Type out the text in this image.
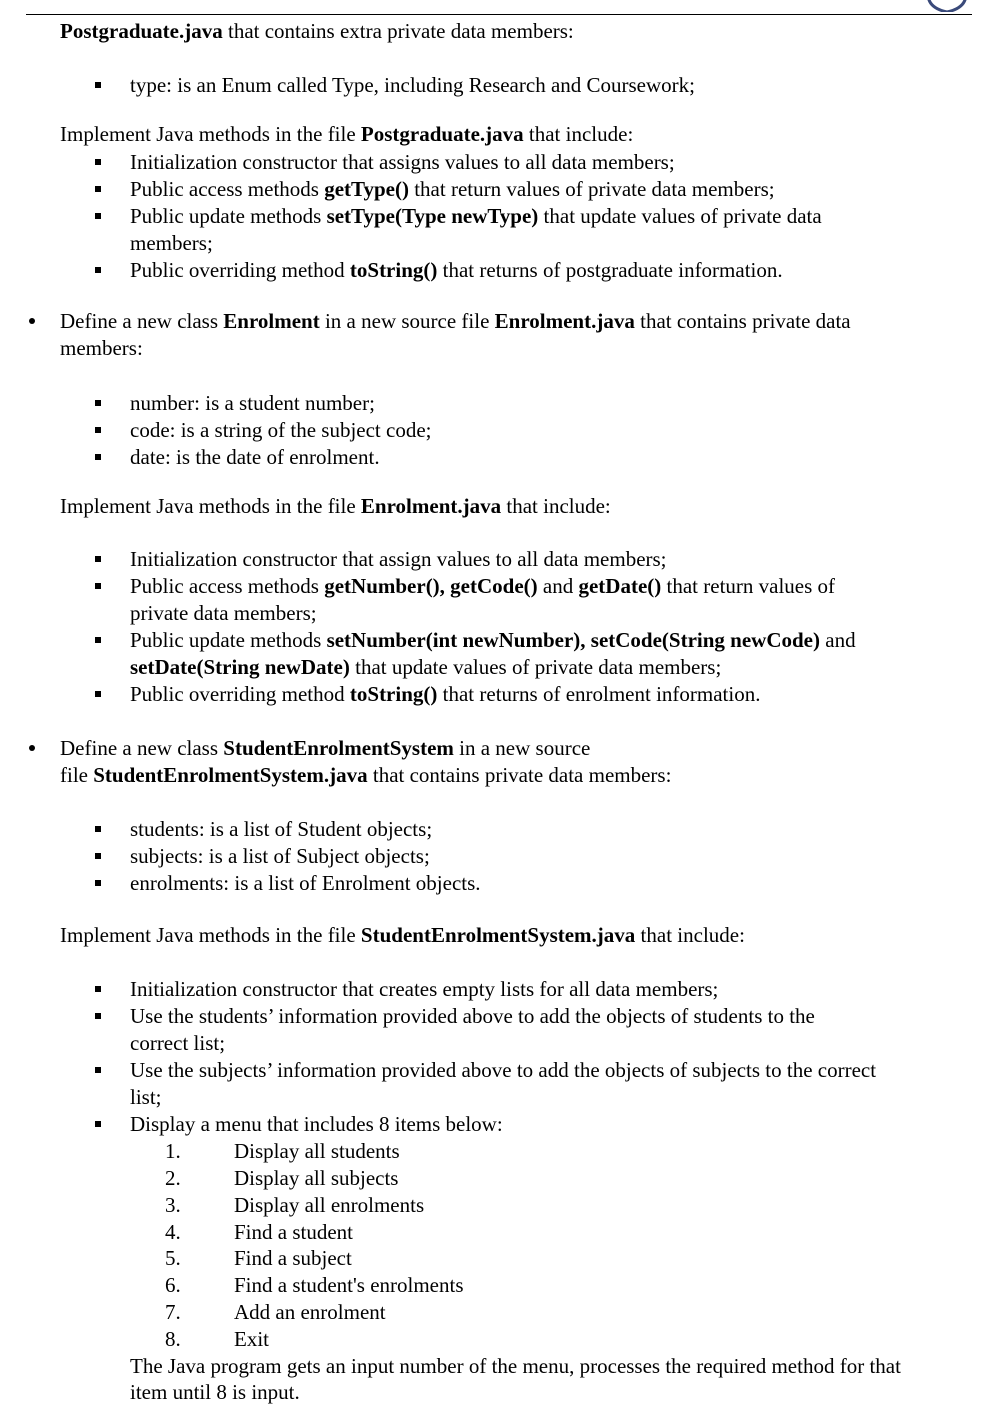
Postgraduate.java that contains extra private data members:
type: is an Enum called Type, including Research and Coursework;
Implement Java methods in the file Postgraduate.java that include:
Initialization constructor that assigns values to all data members;
Public access methods getType() that return values of private data members;
Public update methods setType(Type newType) that update values of private data
members;
Public overriding method toString() that returns of postgraduate information.
Define a new class Enrolment in a new source file Enrolment.java that contains private data
members:
number: is a student number;
code: is a string of the subject code;
date: is the date of enrolment.
Implement Java methods in the file Enrolment.java that include:
Initialization constructor that assign values to all data members;
Public access methods getNumber(), getCode() and getDate() that return values of
private data members;
Public update methods setNumber(int newNumber), setCode(String newCode) and
setDate(String newDate) that update values of private data members;
Public overriding method toString() that returns of enrolment information.
Define a new class StudentEnrolmentSystem in a new source
file StudentEnrolmentSystem.java that contains private data members:
students: is a list of Student objects;
subjects: is a list of Subject objects;
enrolments: is a list of Enrolment objects.
Implement Java methods in the file StudentEnrolmentSystem.java that include:
Initialization constructor that creates empty lists for all data members;
Use the students’ information provided above to add the objects of students to the
correct list;
Use the subjects’ information provided above to add the objects of subjects to the correct
list;
Display a menu that includes 8 items below:
1.	Display all students
2.	Display all subjects
3.	Display all enrolments
4.	Find a student
5.	Find a subject
6.	Find a student's enrolments
7.	Add an enrolment
8.	Exit
The Java program gets an input number of the menu, processes the required method for that
item until 8 is input.
